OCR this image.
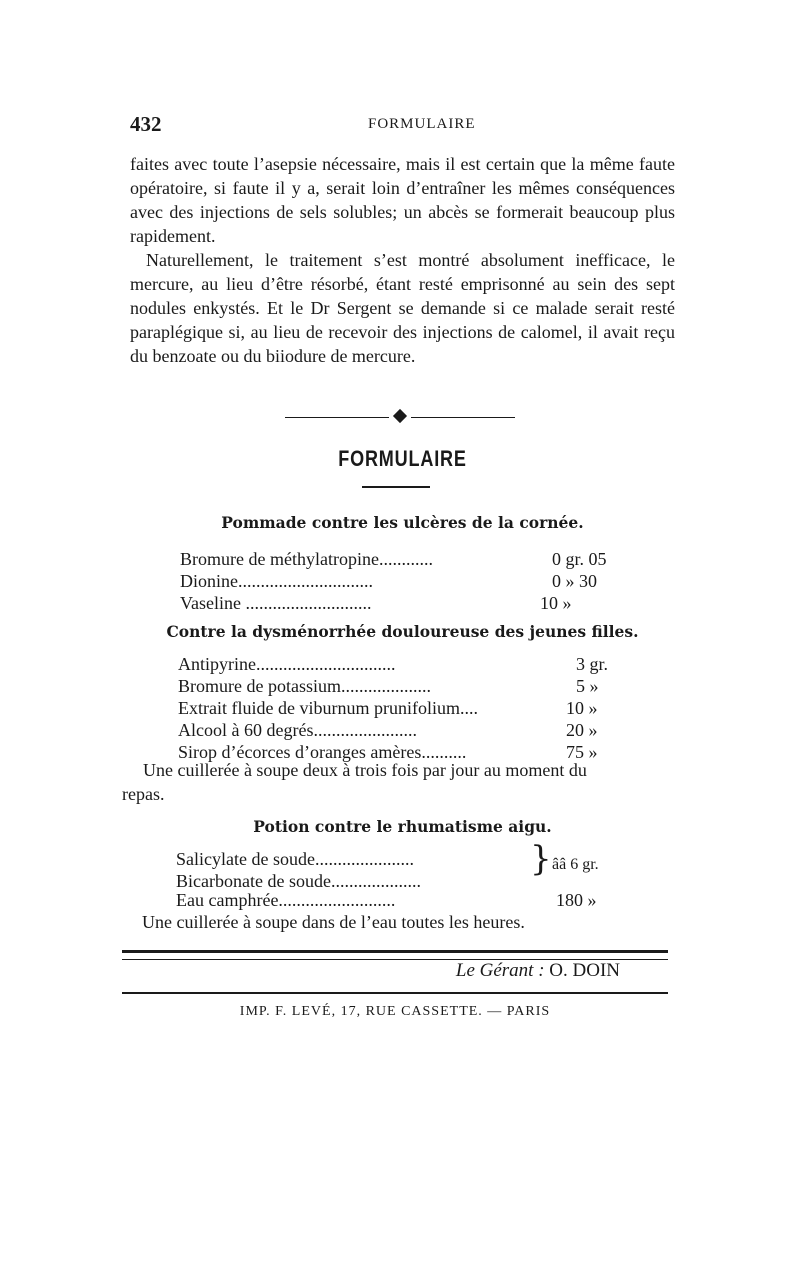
432	FORMULAIRE

faites avec toute l’asepsie nécessaire, mais il est certain que la même faute opératoire, si faute il y a, serait loin d’entraîner les mêmes conséquences avec des injections de sels solubles; un abcès se formerait beaucoup plus rapidement.

Naturellement, le traitement s’est montré absolument inefficace, le mercure, au lieu d’être résorbé, étant resté emprisonné au sein des sept nodules enkystés. Et le Dr Sergent se demande si ce malade serait resté paraplégique si, au lieu de recevoir des injections de calomel, il avait reçu du benzoate ou du biiodure de mercure.

FORMULAIRE
Pommade contre les ulcères de la cornée.
Bromure de méthylatropine............	0 gr. 05
Dionine..............................	0 » 30
Vaseline ............................	10 »
Contre la dysménorrhée douloureuse des jeunes filles.
Antipyrine...............................	3 gr.
Bromure de potassium....................	5 »
Extrait fluide de viburnum prunifolium....	10 »
Alcool à 60 degrés.......................	20 »
Sirop d’écorces d’oranges amères..........	75 »
Une cuillerée à soupe deux à trois fois par jour au moment du
repas.
Potion contre le rhumatisme aigu.
Salicylate de soude......................
Bicarbonate de soude....................
} ââ 6 gr.
Eau camphrée..........................	180 »
Une cuillerée à soupe dans de l’eau toutes les heures.
Le Gérant : O. DOIN
IMP. F. LEVÉ, 17, RUE CASSETTE. — PARIS
